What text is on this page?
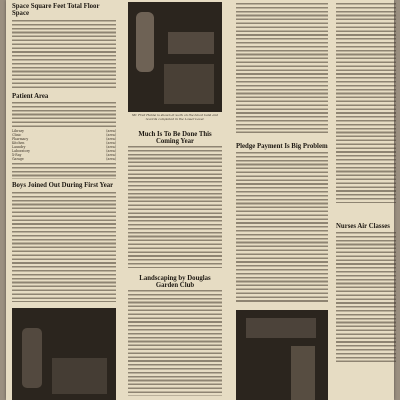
Space Square Feet Total Floor Space
Patient Area
Library	(area)
Clinic	(area)
Pharmacy	(area)
Kitchen	(area)
Laundry	(area)
Laboratory	(area)
X-Ray	(area)
Garage	(area)
Boys Joined Out During First Year
Mr. Fred Hanna is shown at work on the blood bank and records completed in the Lower Level.
Much Is To Be Done This Coming Year
Landscaping by Douglas Garden Club
Pledge Payment Is Big Problem
Nurses Air Classes
